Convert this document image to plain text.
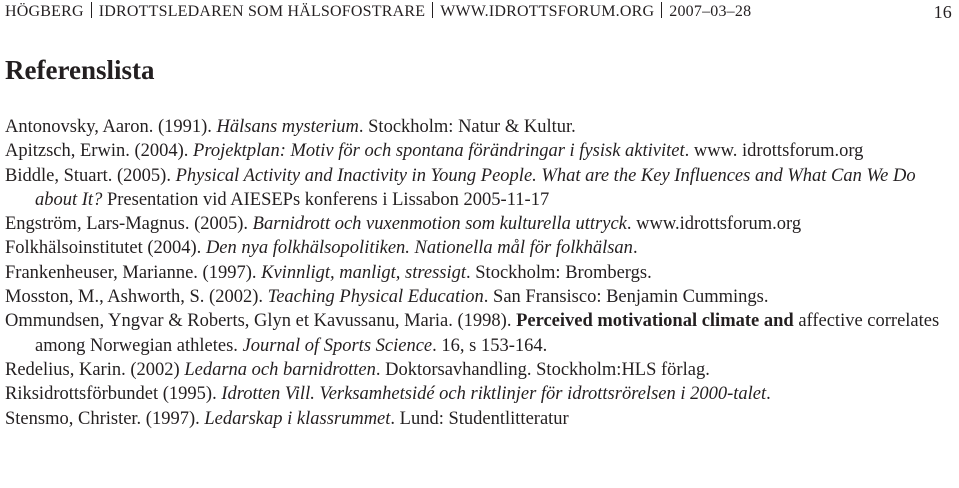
HÖGBERG IDROTTSLEDAREN SOM HÄLSOFOSTRARE WWW.IDROTTSFORUM.ORG 2007–03–28	16
Referenslista
Antonovsky, Aaron. (1991). Hälsans mysterium. Stockholm: Natur & Kultur.
Apitzsch, Erwin. (2004). Projektplan: Motiv för och spontana förändringar i fysisk aktivitet. www. idrottsforum.org
Biddle, Stuart. (2005). Physical Activity and Inactivity in Young People. What are the Key Influences and What Can We Do about It? Presentation vid AIESEPs konferens i Lissabon 2005-11-17
Engström, Lars-Magnus. (2005). Barnidrott och vuxenmotion som kulturella uttryck. www.idrottsforum.org
Folkhälsoinstitutet (2004). Den nya folkhälsopolitiken. Nationella mål för folkhälsan.
Frankenheuser, Marianne. (1997). Kvinnligt, manligt, stressigt. Stockholm: Brombergs.
Mosston, M., Ashworth, S. (2002). Teaching Physical Education. San Fransisco: Benjamin Cummings.
Ommundsen, Yngvar & Roberts, Glyn et Kavussanu, Maria. (1998). Perceived motivational climate and affective correlates among Norwegian athletes. Journal of Sports Science. 16, s 153-164.
Redelius, Karin. (2002) Ledarna och barnidrotten. Doktorsavhandling. Stockholm:HLS förlag.
Riksidrottsförbundet (1995). Idrotten Vill. Verksamhetsidé och riktlinjer för idrottsrörelsen i 2000-talet.
Stensmo, Christer. (1997). Ledarskap i klassrummet. Lund: Studentlitteratur
